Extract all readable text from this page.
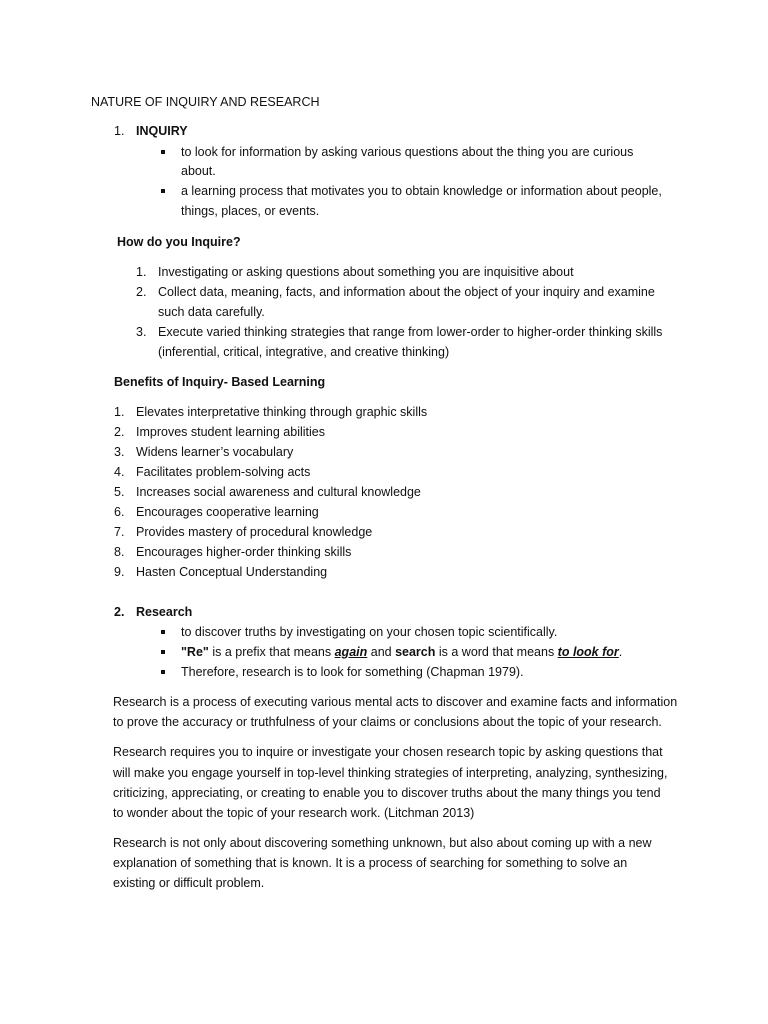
NATURE OF INQUIRY AND RESEARCH
1. INQUIRY
to look for information by asking various questions about the thing you are curious
about.
a learning process that motivates you to obtain knowledge or information about people,
things, places, or events.
How do you Inquire?
1. Investigating or asking questions about something you are inquisitive about
2. Collect data, meaning, facts, and information about the object of your inquiry and examine
such data carefully.
3. Execute varied thinking strategies that range from lower-order to higher-order thinking skills
(inferential, critical, integrative, and creative thinking)
Benefits of Inquiry- Based Learning
1. Elevates interpretative thinking through graphic skills
2. Improves student learning abilities
3. Widens learner’s vocabulary
4. Facilitates problem-solving acts
5. Increases social awareness and cultural knowledge
6. Encourages cooperative learning
7. Provides mastery of procedural knowledge
8. Encourages higher-order thinking skills
9. Hasten Conceptual Understanding
2. Research
to discover truths by investigating on your chosen topic scientifically.
"Re" is a prefix that means again and search is a word that means to look for.
Therefore, research is to look for something (Chapman 1979).
Research is a process of executing various mental acts to discover and examine facts and information
to prove the accuracy or truthfulness of your claims or conclusions about the topic of your research.
Research requires you to inquire or investigate your chosen research topic by asking questions that
will make you engage yourself in top-level thinking strategies of interpreting, analyzing, synthesizing,
criticizing, appreciating, or creating to enable you to discover truths about the many things you tend
to wonder about the topic of your research work. (Litchman 2013)
Research is not only about discovering something unknown, but also about coming up with a new
explanation of something that is known. It is a process of searching for something to solve an
existing or difficult problem.
